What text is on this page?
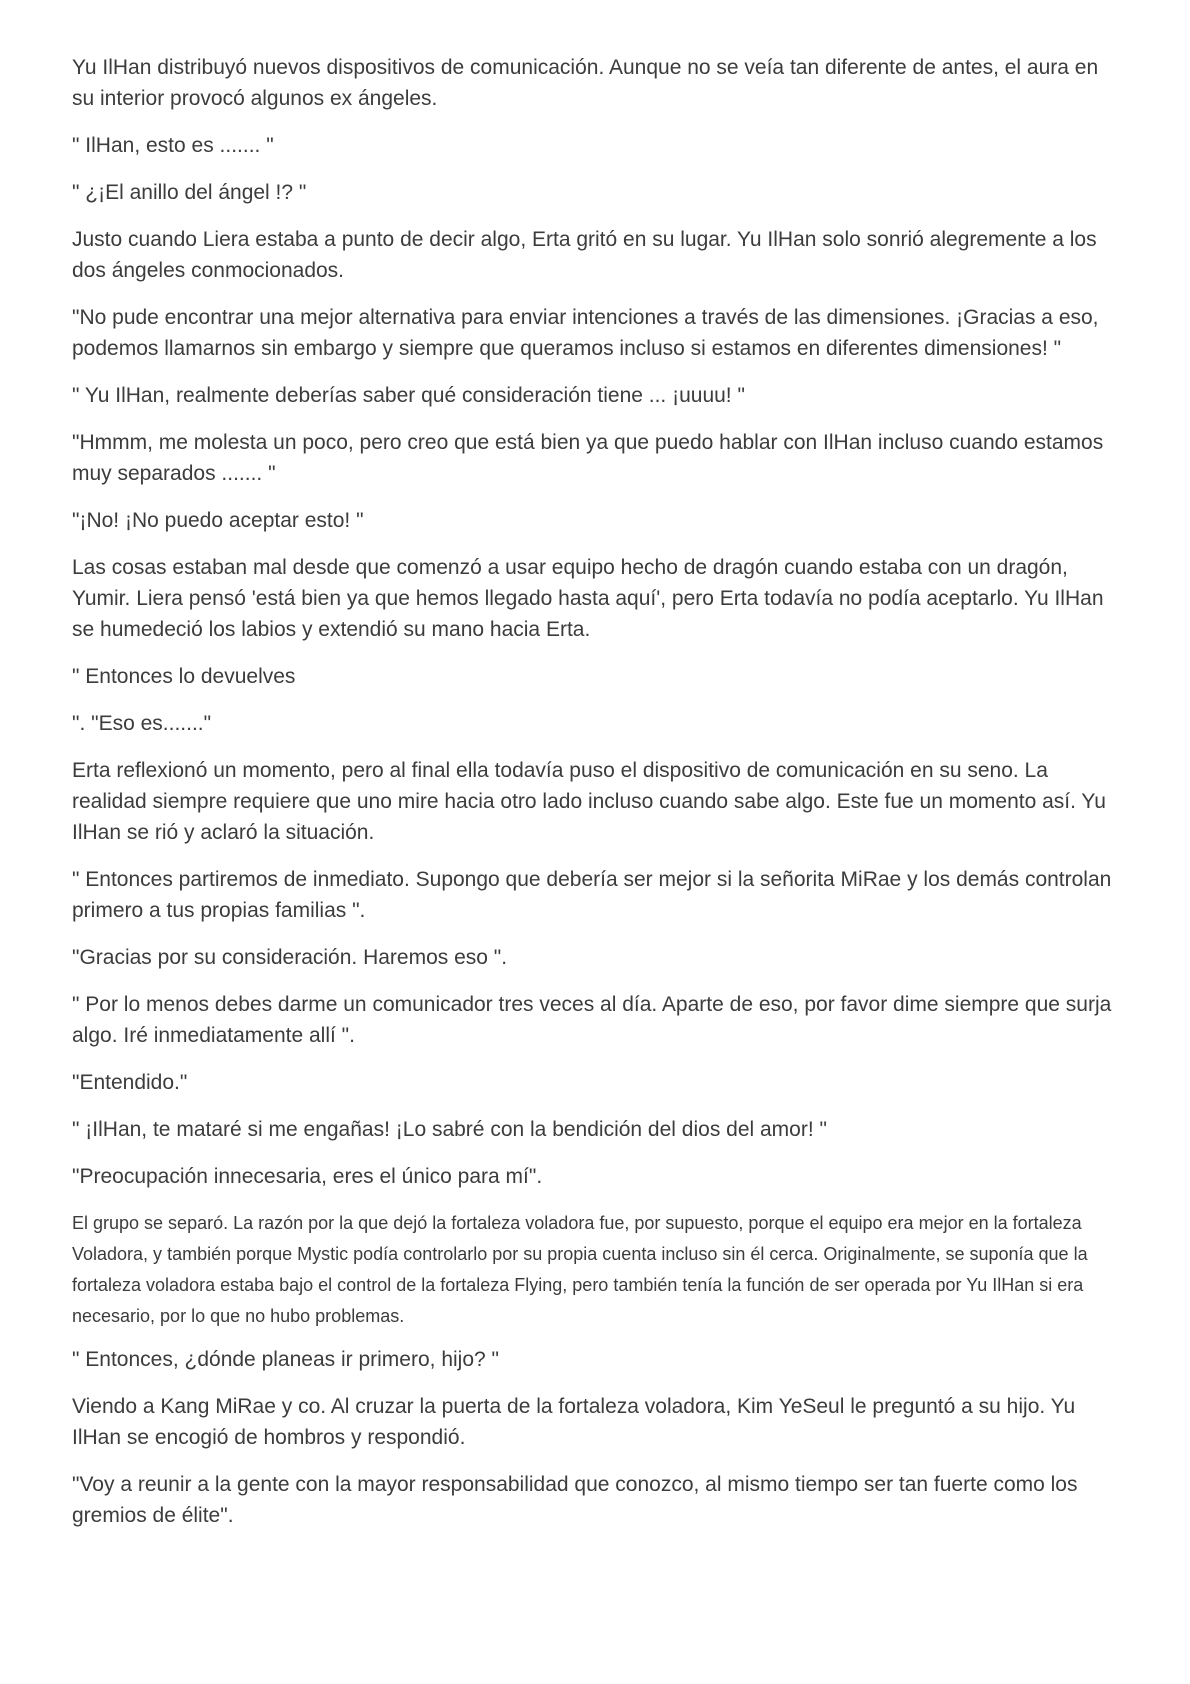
Yu IlHan distribuyó nuevos dispositivos de comunicación. Aunque no se veía tan diferente de antes, el aura en su interior provocó algunos ex ángeles.

" IlHan, esto es ....... "

" ¿¡El anillo del ángel !? "

Justo cuando Liera estaba a punto de decir algo, Erta gritó en su lugar. Yu IlHan solo sonrió alegremente a los dos ángeles conmocionados.

"No pude encontrar una mejor alternativa para enviar intenciones a través de las dimensiones. ¡Gracias a eso, podemos llamarnos sin embargo y siempre que queramos incluso si estamos en diferentes dimensiones! "

" Yu IlHan, realmente deberías saber qué consideración tiene ... ¡uuuu! "

"Hmmm, me molesta un poco, pero creo que está bien ya que puedo hablar con IlHan incluso cuando estamos muy separados ....... "

"¡No! ¡No puedo aceptar esto! "

Las cosas estaban mal desde que comenzó a usar equipo hecho de dragón cuando estaba con un dragón, Yumir. Liera pensó 'está bien ya que hemos llegado hasta aquí', pero Erta todavía no podía aceptarlo. Yu IlHan se humedeció los labios y extendió su mano hacia Erta.

" Entonces lo devuelves

". "Eso es......."

Erta reflexionó un momento, pero al final ella todavía puso el dispositivo de comunicación en su seno. La realidad siempre requiere que uno mire hacia otro lado incluso cuando sabe algo. Este fue un momento así. Yu IlHan se rió y aclaró la situación.

" Entonces partiremos de inmediato. Supongo que debería ser mejor si la señorita MiRae y los demás controlan primero a tus propias familias ".

"Gracias por su consideración. Haremos eso ".

" Por lo menos debes darme un comunicador tres veces al día. Aparte de eso, por favor dime siempre que surja algo. Iré inmediatamente allí ".

"Entendido."

" ¡IlHan, te mataré si me engañas! ¡Lo sabré con la bendición del dios del amor! "

"Preocupación innecesaria, eres el único para mí".

El grupo se separó. La razón por la que dejó la fortaleza voladora fue, por supuesto, porque el equipo era mejor en la fortaleza Voladora, y también porque Mystic podía controlarlo por su propia cuenta incluso sin él cerca. Originalmente, se suponía que la fortaleza voladora estaba bajo el control de la fortaleza Flying, pero también tenía la función de ser operada por Yu IlHan si era necesario, por lo que no hubo problemas.

" Entonces, ¿dónde planeas ir primero, hijo? "

Viendo a Kang MiRae y co. Al cruzar la puerta de la fortaleza voladora, Kim YeSeul le preguntó a su hijo. Yu IlHan se encogió de hombros y respondió.

"Voy a reunir a la gente con la mayor responsabilidad que conozco, al mismo tiempo ser tan fuerte como los gremios de élite".
